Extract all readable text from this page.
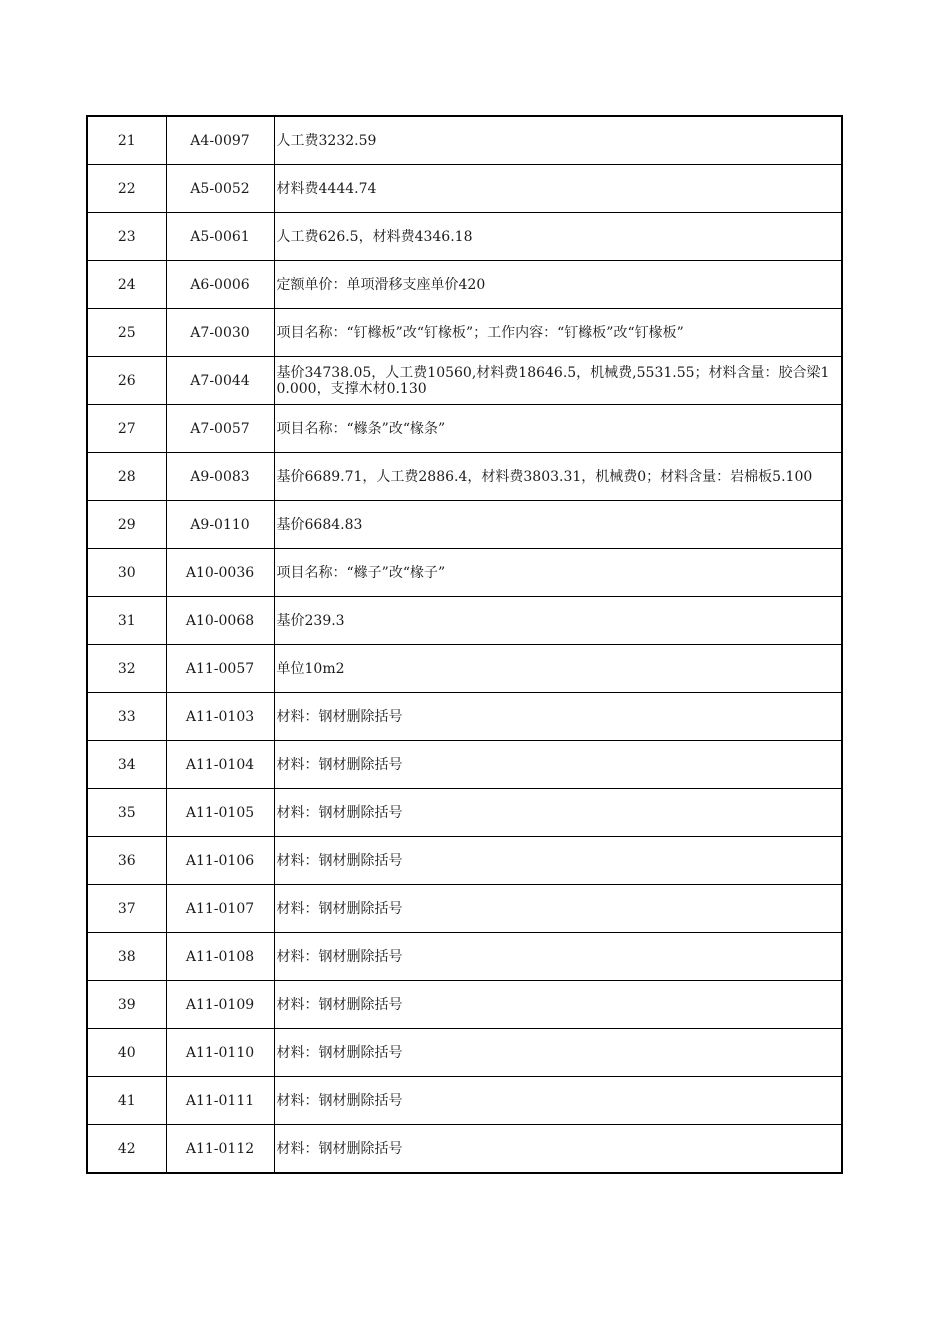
21	A4-0097	人工费3232.59
22	A5-0052	材料费4444.74
23	A5-0061	人工费626.5，材料费4346.18
24	A6-0006	定额单价：单项滑移支座单价420
25	A7-0030	项目名称：“钉橼板”改“钉椽板”；工作内容：“钉橼板”改“钉椽板”
26	A7-0044	基价34738.05，人工费10560,材料费18646.5，机械费,5531.55；材料含量：胶合梁10.000，支撑木材0.130
27	A7-0057	项目名称：“橼条”改“椽条”
28	A9-0083	基价6689.71，人工费2886.4，材料费3803.31，机械费0；材料含量：岩棉板5.100
29	A9-0110	基价6684.83
30	A10-0036	项目名称：“橼子”改“椽子”
31	A10-0068	基价239.3
32	A11-0057	单位10m2
33	A11-0103	材料：钢材删除括号
34	A11-0104	材料：钢材删除括号
35	A11-0105	材料：钢材删除括号
36	A11-0106	材料：钢材删除括号
37	A11-0107	材料：钢材删除括号
38	A11-0108	材料：钢材删除括号
39	A11-0109	材料：钢材删除括号
40	A11-0110	材料：钢材删除括号
41	A11-0111	材料：钢材删除括号
42	A11-0112	材料：钢材删除括号
